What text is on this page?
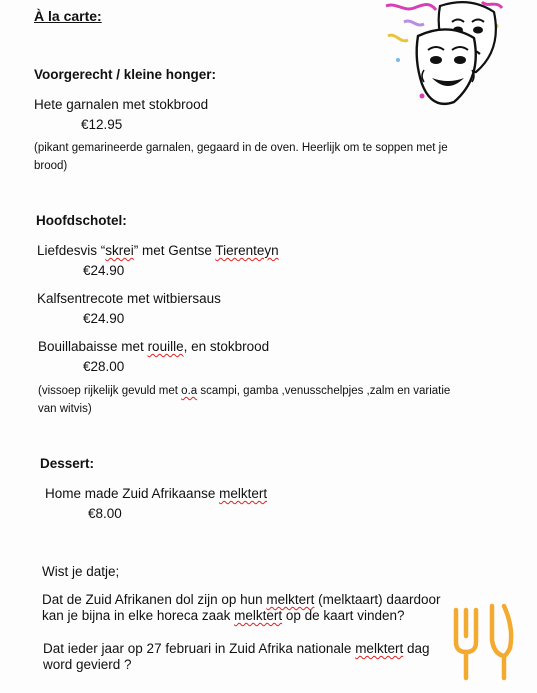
À la carte:
Voorgerecht / kleine honger:
Hete garnalen met stokbrood
€12.95
(pikant gemarineerde garnalen, gegaard in de oven. Heerlijk om te soppen met je
brood)
Hoofdschotel:
Liefdesvis “skrei” met Gentse Tierenteyn
€24.90
Kalfsentrecote met witbiersaus
€24.90
Bouillabaisse met rouille, en stokbrood
€28.00
(vissoep rijkelijk gevuld met o.a scampi, gamba ,venusschelpjes ,zalm en variatie
van witvis)
Dessert:
Home made Zuid Afrikaanse melktert
€8.00
Wist je datje;
Dat de Zuid Afrikanen dol zijn op hun melktert (melktaart) daardoor
kan je bijna in elke horeca zaak melktert op de kaart vinden?
Dat ieder jaar op 27 februari in Zuid Afrika nationale melktert dag
word gevierd ?
